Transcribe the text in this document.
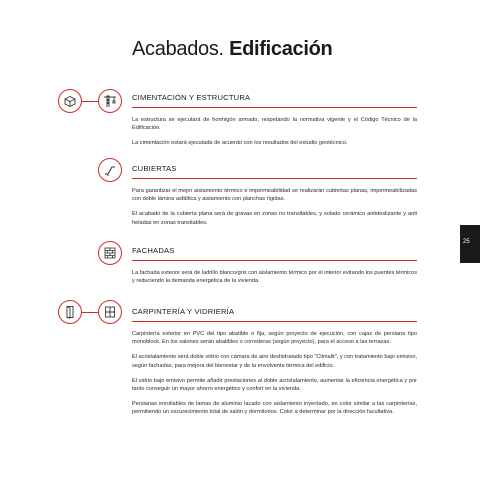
Acabados. Edificación
CIMENTACIÓN Y ESTRUCTURA

La estructura se ejecutará de hormigón armado, respetando la normativa vigente y el Código Técnico de la Edificación.

La cimentación estará ejecutada de acuerdo con los resultados del estudio geotécnico.

CUBIERTAS

Para garantizar el mejor aislamiento térmico e impermeabilidad se realizarán cubiertas planas, impermeabilizadas con doble lámina asfáltica y aislamiento con planchas rígidas.

El acabado de la cubierta plana será de gravas en zonas no transitables, y solado cerámico antideslizante y anti heladas en zonas transitables.

FACHADAS

La fachada exterior será de ladrillo blanco/gris con aislamiento térmico por el interior evitando los puentes térmicos y reduciendo la demanda energética de la vivienda.

CARPINTERÍA Y VIDRIERÍA

Carpintería exterior en PVC del tipo abatible o fija, según proyecto de ejecución, con cajas de persiana tipo monoblock. En los salones serán abatibles o correderas (según proyecto), para el acceso a las terrazas.

El acristalamiento será doble vidrio con cámara de aire deshidratado tipo "Climalit", y con tratamiento bajo emisivo, según fachadas, para mejora del bienestar y de la envolvente térmica del edificio.

El vidrio bajo emisivo permite añadir prestaciones al doble acristalamiento, aumentar la eficiencia energética y por tanto conseguir un mayor ahorro energético y confort en la vivienda.

Persianas enrollables de lamas de aluminio lacado con aislamiento inyectado, en color similar a las carpinterías, permitiendo un oscurecimiento total de salón y dormitorios. Color a determinar por la dirección facultativa.

25
